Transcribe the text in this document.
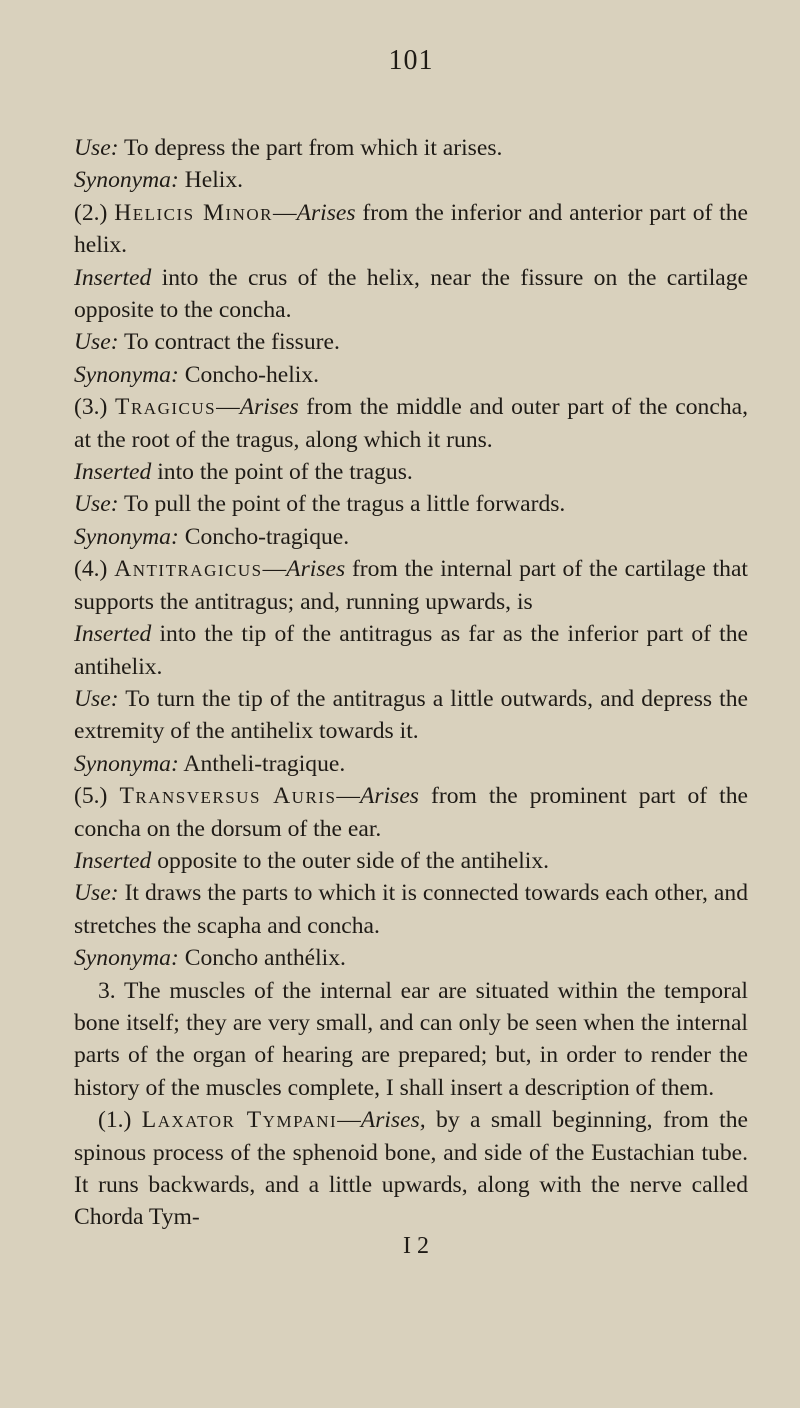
101

Use: To depress the part from which it arises.

Synonyma: Helix.

(2.) Helicis Minor—Arises from the inferior and anterior part of the helix.

Inserted into the crus of the helix, near the fissure on the cartilage opposite to the concha.

Use: To contract the fissure.

Synonyma: Concho-helix.

(3.) Tragicus—Arises from the middle and outer part of the concha, at the root of the tragus, along which it runs.

Inserted into the point of the tragus.

Use: To pull the point of the tragus a little forwards.

Synonyma: Concho-tragique.

(4.) Antitragicus—Arises from the internal part of the cartilage that supports the antitragus; and, running upwards, is

Inserted into the tip of the antitragus as far as the inferior part of the antihelix.

Use: To turn the tip of the antitragus a little outwards, and depress the extremity of the antihelix towards it.

Synonyma: Antheli-tragique.

(5.) Transversus Auris—Arises from the prominent part of the concha on the dorsum of the ear.

Inserted opposite to the outer side of the antihelix.

Use: It draws the parts to which it is connected towards each other, and stretches the scapha and concha.

Synonyma: Concho anthélix.

3. The muscles of the internal ear are situated within the temporal bone itself; they are very small, and can only be seen when the internal parts of the organ of hearing are prepared; but, in order to render the history of the muscles complete, I shall insert a description of them.

(1.) Laxator Tympani—Arises, by a small beginning, from the spinous process of the sphenoid bone, and side of the Eustachian tube. It runs backwards, and a little upwards, along with the nerve called Chorda Tym-

I 2
